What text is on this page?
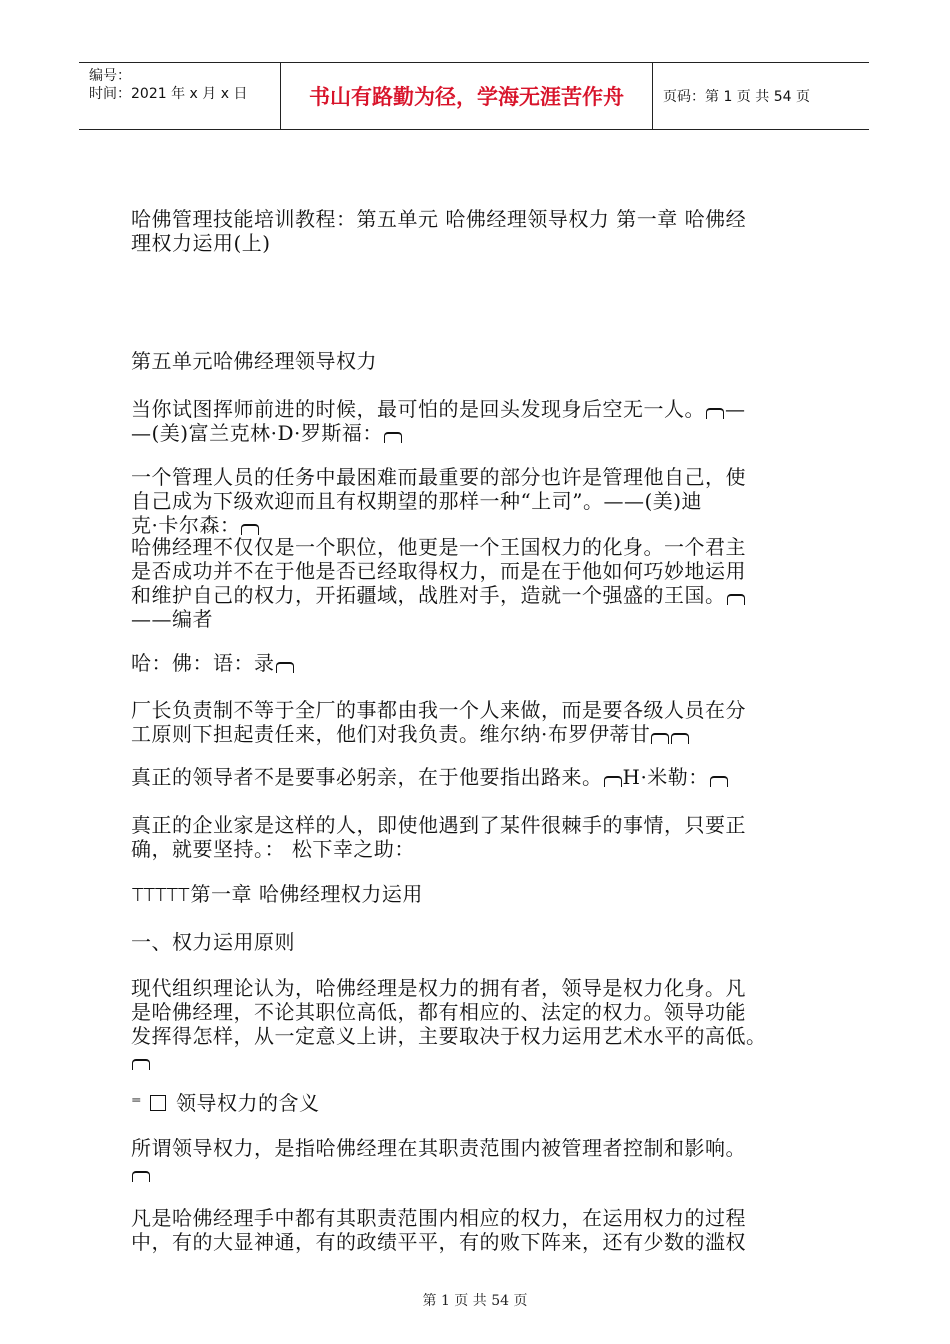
编号：
时间：2021 年 x 月 x 日	书山有路勤为径，学海无涯苦作舟	页码：第 1 页 共 54 页
哈佛管理技能培训教程：第五单元 哈佛经理领导权力 第一章 哈佛经
理权力运用(上)
第五单元哈佛经理领导权力
当你试图挥师前进的时候，最可怕的是回头发现身后空无一人。 —
—(美)富兰克林·D·罗斯福：
一个管理人员的任务中最困难而最重要的部分也许是管理他自己，使
自己成为下级欢迎而且有权期望的那样一种“上司”。——(美)迪
克·卡尔森：
哈佛经理不仅仅是一个职位，他更是一个王国权力的化身。一个君主
是否成功并不在于他是否已经取得权力，而是在于他如何巧妙地运用
和维护自己的权力，开拓疆域，战胜对手，造就一个强盛的王国。
——编者
哈：佛：语：录
厂长负责制不等于全厂的事都由我一个人来做，而是要各级人员在分
工原则下担起责任来，他们对我负责。维尔纳·布罗伊蒂甘
真正的领导者不是要事必躬亲，在于他要指出路来。 H·米勒：
真正的企业家是这样的人，即使他遇到了某件很棘手的事情，只要正
确，就要坚持。： 松下幸之助：
ꔋꔋꔋꔋꔋ 第一章 哈佛经理权力运用
一、权力运用原则
现代组织理论认为，哈佛经理是权力的拥有者，领导是权力化身。凡
是哈佛经理，不论其职位高低，都有相应的、法定的权力。领导功能
发挥得怎样，从一定意义上讲，主要取决于权力运用艺术水平的高低。
⁼ 领导权力的含义
所谓领导权力，是指哈佛经理在其职责范围内被管理者控制和影响。
凡是哈佛经理手中都有其职责范围内相应的权力，在运用权力的过程
中，有的大显神通，有的政绩平平，有的败下阵来，还有少数的滥权
第 1 页 共 54 页
